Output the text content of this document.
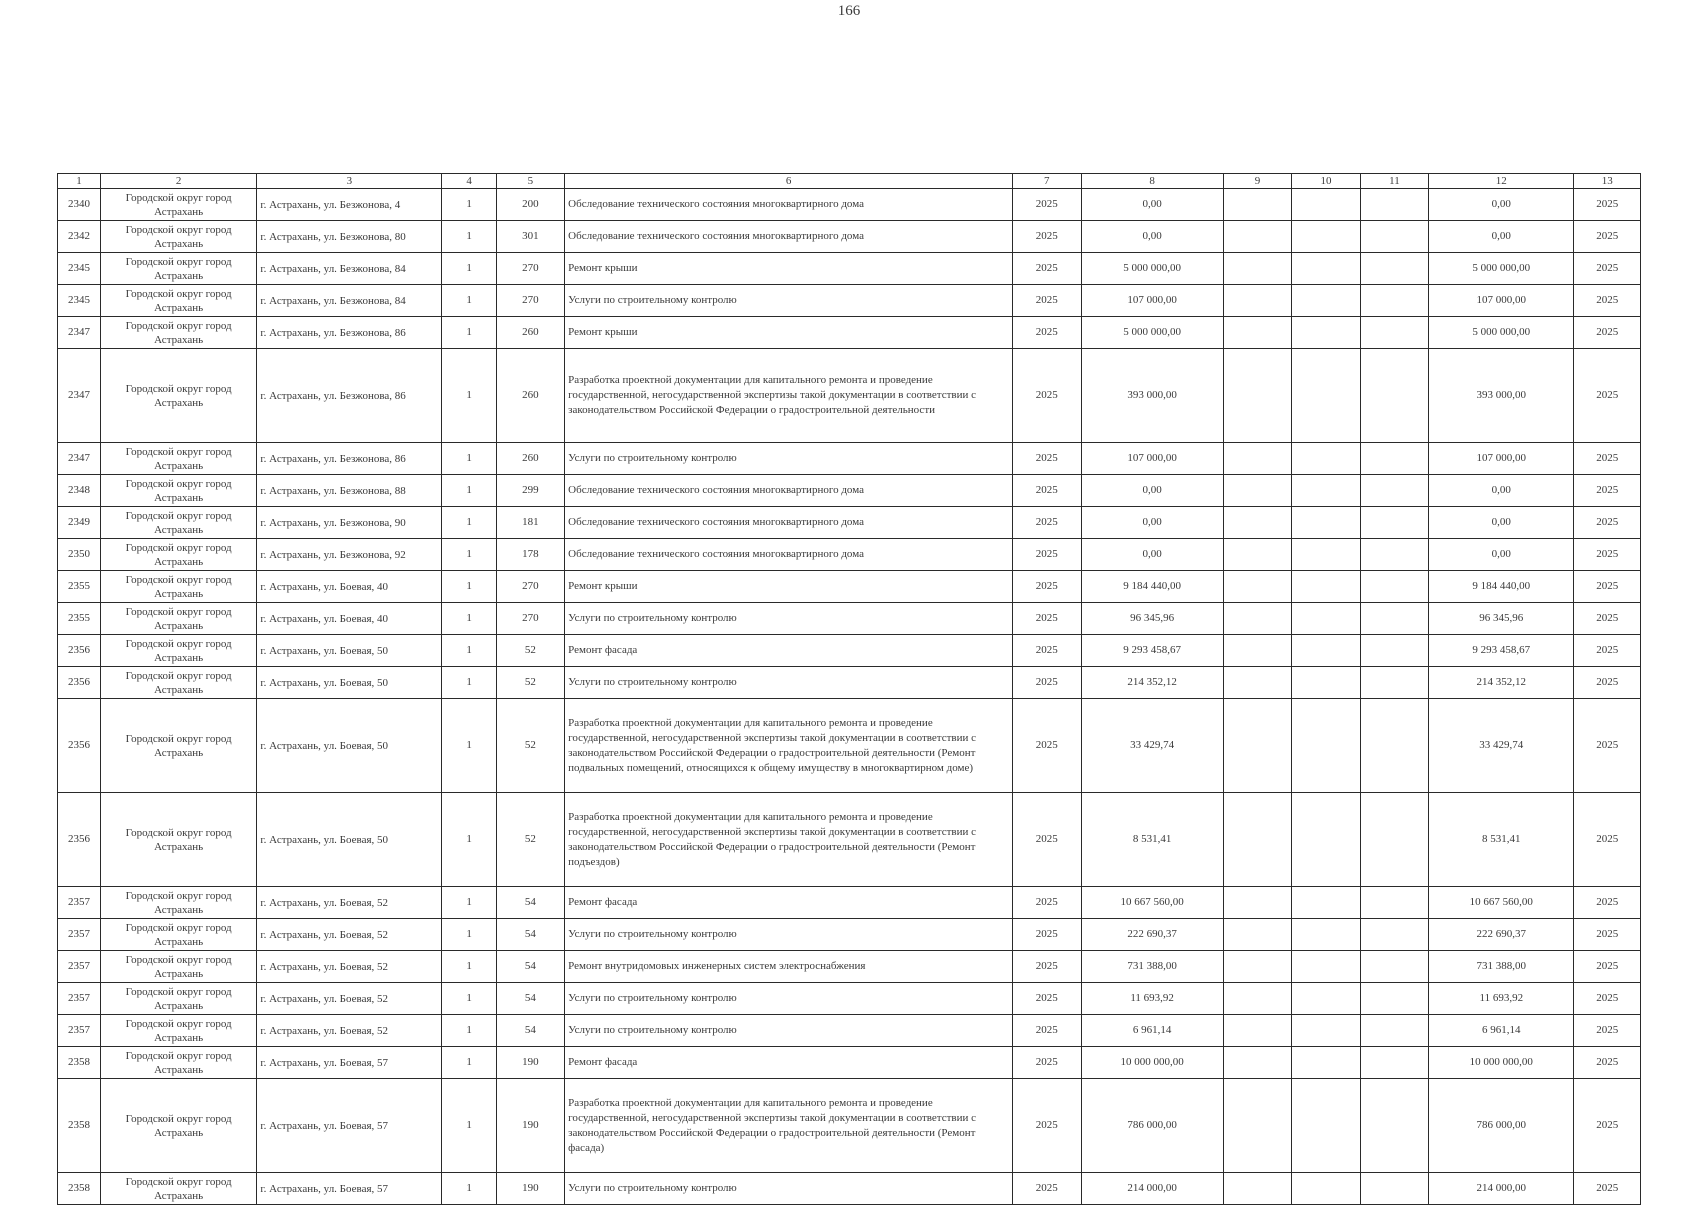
166
1	2	3	4	5	6	7	8	9	10	11	12	13
2340	Городской округ город Астрахань	г. Астрахань, ул. Безжонова, 4	1	200	Обследование технического состояния многоквартирного дома	2025	0,00				0,00	2025
2342	Городской округ город Астрахань	г. Астрахань, ул. Безжонова, 80	1	301	Обследование технического состояния многоквартирного дома	2025	0,00				0,00	2025
2345	Городской округ город Астрахань	г. Астрахань, ул. Безжонова, 84	1	270	Ремонт крыши	2025	5 000 000,00				5 000 000,00	2025
2345	Городской округ город Астрахань	г. Астрахань, ул. Безжонова, 84	1	270	Услуги по строительному контролю	2025	107 000,00				107 000,00	2025
2347	Городской округ город Астрахань	г. Астрахань, ул. Безжонова, 86	1	260	Ремонт крыши	2025	5 000 000,00				5 000 000,00	2025
2347	Городской округ город Астрахань	г. Астрахань, ул. Безжонова, 86	1	260	Разработка проектной документации для капитального ремонта и проведение государственной, негосударственной экспертизы такой документации в соответствии с законодательством Российской Федерации о градостроительной деятельности	2025	393 000,00				393 000,00	2025
2347	Городской округ город Астрахань	г. Астрахань, ул. Безжонова, 86	1	260	Услуги по строительному контролю	2025	107 000,00				107 000,00	2025
2348	Городской округ город Астрахань	г. Астрахань, ул. Безжонова, 88	1	299	Обследование технического состояния многоквартирного дома	2025	0,00				0,00	2025
2349	Городской округ город Астрахань	г. Астрахань, ул. Безжонова, 90	1	181	Обследование технического состояния многоквартирного дома	2025	0,00				0,00	2025
2350	Городской округ город Астрахань	г. Астрахань, ул. Безжонова, 92	1	178	Обследование технического состояния многоквартирного дома	2025	0,00				0,00	2025
2355	Городской округ город Астрахань	г. Астрахань, ул. Боевая, 40	1	270	Ремонт крыши	2025	9 184 440,00				9 184 440,00	2025
2355	Городской округ город Астрахань	г. Астрахань, ул. Боевая, 40	1	270	Услуги по строительному контролю	2025	96 345,96				96 345,96	2025
2356	Городской округ город Астрахань	г. Астрахань, ул. Боевая, 50	1	52	Ремонт фасада	2025	9 293 458,67				9 293 458,67	2025
2356	Городской округ город Астрахань	г. Астрахань, ул. Боевая, 50	1	52	Услуги по строительному контролю	2025	214 352,12				214 352,12	2025
2356	Городской округ город Астрахань	г. Астрахань, ул. Боевая, 50	1	52	Разработка проектной документации для капитального ремонта и проведение государственной, негосударственной экспертизы такой документации в соответствии с законодательством Российской Федерации о градостроительной деятельности (Ремонт подвальных помещений, относящихся к общему имуществу в многоквартирном доме)	2025	33 429,74				33 429,74	2025
2356	Городской округ город Астрахань	г. Астрахань, ул. Боевая, 50	1	52	Разработка проектной документации для капитального ремонта и проведение государственной, негосударственной экспертизы такой документации в соответствии с законодательством Российской Федерации о градостроительной деятельности (Ремонт подъездов)	2025	8 531,41				8 531,41	2025
2357	Городской округ город Астрахань	г. Астрахань, ул. Боевая, 52	1	54	Ремонт фасада	2025	10 667 560,00				10 667 560,00	2025
2357	Городской округ город Астрахань	г. Астрахань, ул. Боевая, 52	1	54	Услуги по строительному контролю	2025	222 690,37				222 690,37	2025
2357	Городской округ город Астрахань	г. Астрахань, ул. Боевая, 52	1	54	Ремонт внутридомовых инженерных систем электроснабжения	2025	731 388,00				731 388,00	2025
2357	Городской округ город Астрахань	г. Астрахань, ул. Боевая, 52	1	54	Услуги по строительному контролю	2025	11 693,92				11 693,92	2025
2357	Городской округ город Астрахань	г. Астрахань, ул. Боевая, 52	1	54	Услуги по строительному контролю	2025	6 961,14				6 961,14	2025
2358	Городской округ город Астрахань	г. Астрахань, ул. Боевая, 57	1	190	Ремонт фасада	2025	10 000 000,00				10 000 000,00	2025
2358	Городской округ город Астрахань	г. Астрахань, ул. Боевая, 57	1	190	Разработка проектной документации для капитального ремонта и проведение государственной, негосударственной экспертизы такой документации в соответствии с законодательством Российской Федерации о градостроительной деятельности (Ремонт фасада)	2025	786 000,00				786 000,00	2025
2358	Городской округ город Астрахань	г. Астрахань, ул. Боевая, 57	1	190	Услуги по строительному контролю	2025	214 000,00				214 000,00	2025
